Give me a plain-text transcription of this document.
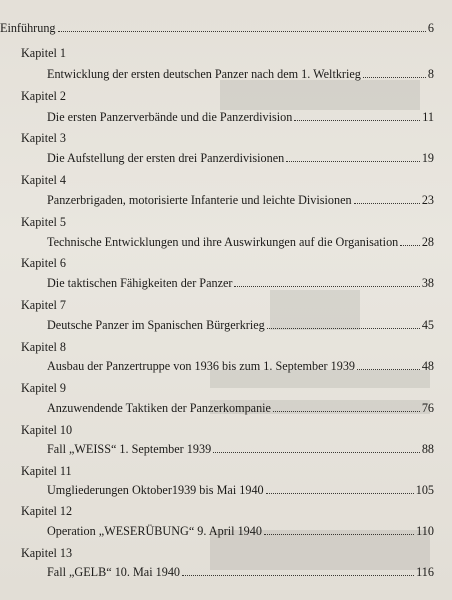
Einführung	6
Kapitel 1
Entwicklung der ersten deutschen Panzer nach dem 1. Weltkrieg	8
Kapitel 2
Die ersten Panzerverbände und die Panzerdivision	11
Kapitel 3
Die Aufstellung der ersten drei Panzerdivisionen	19
Kapitel 4
Panzerbrigaden, motorisierte Infanterie und leichte Divisionen	23
Kapitel 5
Technische Entwicklungen und ihre Auswirkungen auf die Organisation 28
Kapitel 6
Die taktischen Fähigkeiten der Panzer	38
Kapitel 7
Deutsche Panzer im Spanischen Bürgerkrieg	45
Kapitel 8
Ausbau der Panzertruppe von 1936 bis zum 1. September 1939	48
Kapitel 9
Anzuwendende Taktiken der Panzerkompanie	76
Kapitel 10
Fall „WEISS“ 1. September 1939	88
Kapitel 11
Umgliederungen Oktober1939 bis Mai 1940	105
Kapitel 12
Operation „WESERÜBUNG“ 9. April 1940	110
Kapitel 13
Fall „GELB“ 10. Mai 1940	116
